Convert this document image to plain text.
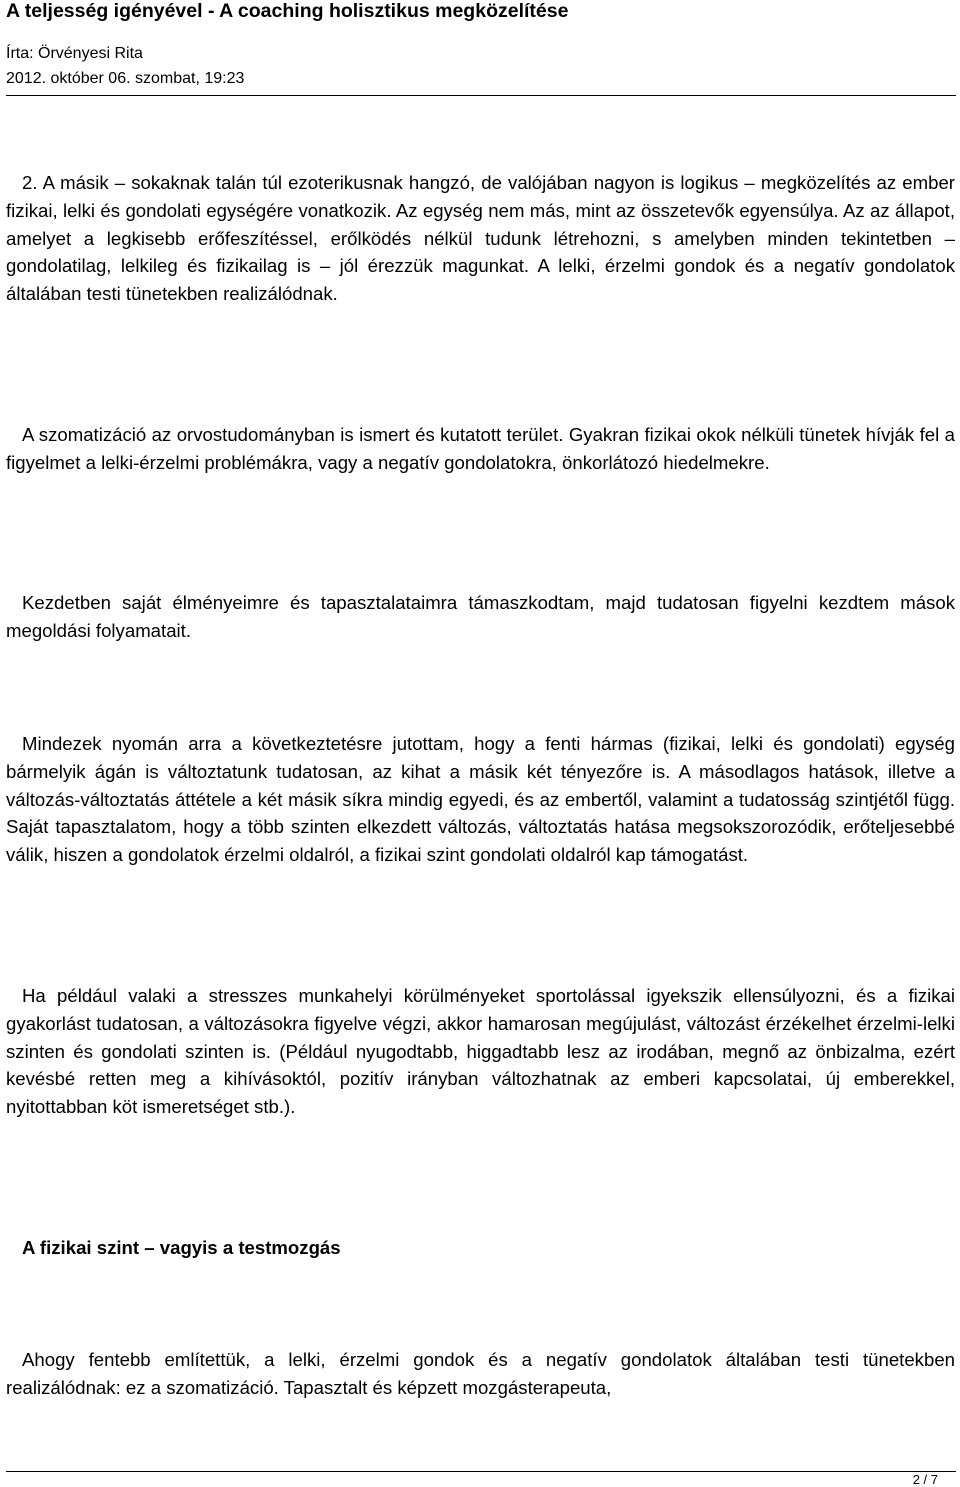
A teljesség igényével - A coaching holisztikus megközelítése
Írta: Örvényesi Rita
2012. október 06. szombat, 19:23

2. A másik – sokaknak talán túl ezoterikusnak hangzó, de valójában nagyon is logikus – megközelítés az ember fizikai, lelki és gondolati egységére vonatkozik. Az egység nem más, mint az összetevők egyensúlya. Az az állapot, amelyet a legkisebb erőfeszítéssel, erőlködés nélkül tudunk létrehozni, s amelyben minden tekintetben – gondolatilag, lelkileg és fizikailag is – jól érezzük magunkat. A lelki, érzelmi gondok és a negatív gondolatok általában testi tünetekben realizálódnak.

A szomatizáció az orvostudományban is ismert és kutatott terület. Gyakran fizikai okok nélküli tünetek hívják fel a figyelmet a lelki-érzelmi problémákra, vagy a negatív gondolatokra, önkorlátozó hiedelmekre.

Kezdetben saját élményeimre és tapasztalataimra támaszkodtam, majd tudatosan figyelni kezdtem mások megoldási folyamatait.

Mindezek nyomán arra a következtetésre jutottam, hogy a fenti hármas (fizikai, lelki és gondolati) egység bármelyik ágán is változtatunk tudatosan, az kihat a másik két tényezőre is. A másodlagos hatások, illetve a változás-változtatás áttétele a két másik síkra mindig egyedi, és az embertől, valamint a tudatosság szintjétől függ. Saját tapasztalatom, hogy a több szinten elkezdett változás, változtatás hatása megsokszorozódik, erőteljesebbé válik, hiszen a gondolatok érzelmi oldalról, a fizikai szint gondolati oldalról kap támogatást.

Ha például valaki a stresszes munkahelyi körülményeket sportolással igyekszik ellensúlyozni, és a fizikai gyakorlást tudatosan, a változásokra figyelve végzi, akkor hamarosan megújulást, változást érzékelhet érzelmi-lelki szinten és gondolati szinten is. (Például nyugodtabb, higgadtabb lesz az irodában, megnő az önbizalma, ezért kevésbé retten meg a kihívásoktól, pozitív irányban változhatnak az emberi kapcsolatai, új emberekkel, nyitottabban köt ismeretséget stb.).

A fizikai szint – vagyis a testmozgás

Ahogy fentebb említettük, a lelki, érzelmi gondok és a negatív gondolatok általában testi tünetekben realizálódnak: ez a szomatizáció. Tapasztalt és képzett mozgásterapeuta,

2 / 7
